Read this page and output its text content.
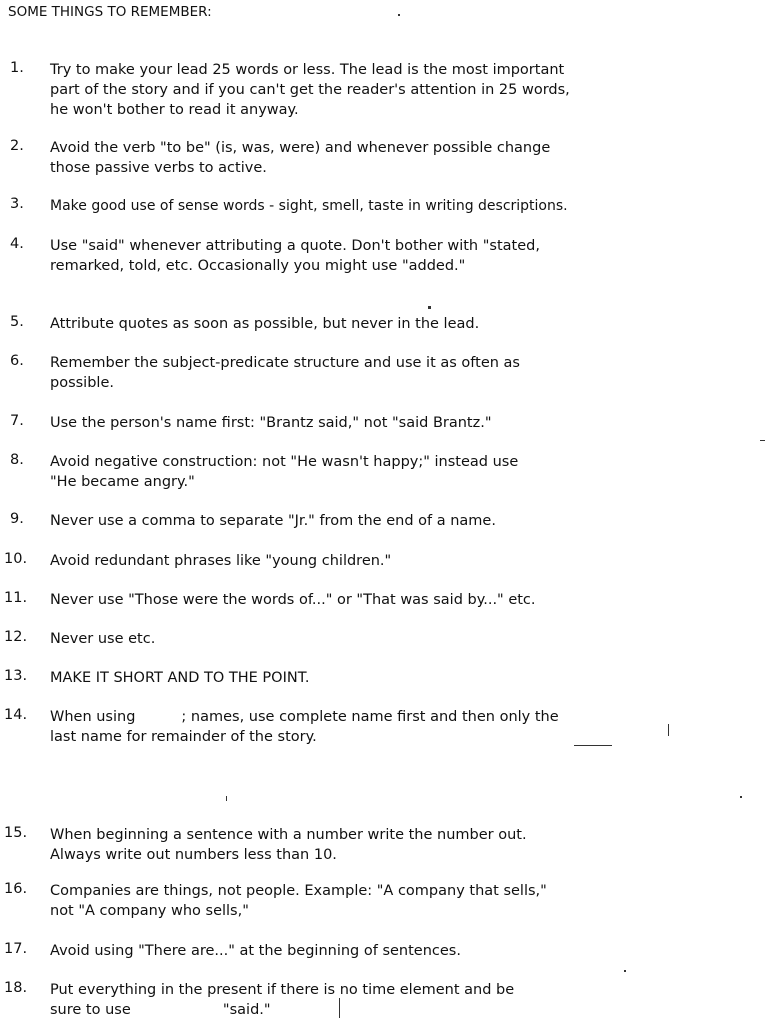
SOME THINGS TO REMEMBER:
1. Try to make your lead 25 words or less. The lead is the most important
part of the story and if you can't get the reader's attention in 25 words,
he won't bother to read it anyway.
2. Avoid the verb "to be" (is, was, were) and whenever possible change
those passive verbs to active.
3. Make good use of sense words - sight, smell, taste in writing descriptions.
4. Use "said" whenever attributing a quote. Don't bother with "stated,
remarked, told, etc. Occasionally you might use "added."
5. Attribute quotes as soon as possible, but never in the lead.
6. Remember the subject-predicate structure and use it as often as
possible.
7. Use the person's name first: "Brantz said," not "said Brantz."
8. Avoid negative construction: not "He wasn't happy;" instead use
"He became angry."
9. Never use a comma to separate "Jr." from the end of a name.
10. Avoid redundant phrases like "young children."
11. Never use "Those were the words of..." or "That was said by..." etc.
12. Never use etc.
13. MAKE IT SHORT AND TO THE POINT.
14. When using	; names, use complete name first and then only the
last name for remainder of the story.
15. When beginning a sentence with a number write the number out.
Always write out numbers less than 10.
16. Companies are things, not people. Example: "A company that sells,"
not "A company who sells,"
17. Avoid using "There are..." at the beginning of sentences.
18. Put everything in the present if there is no time element and be
sure to use                    "said."
